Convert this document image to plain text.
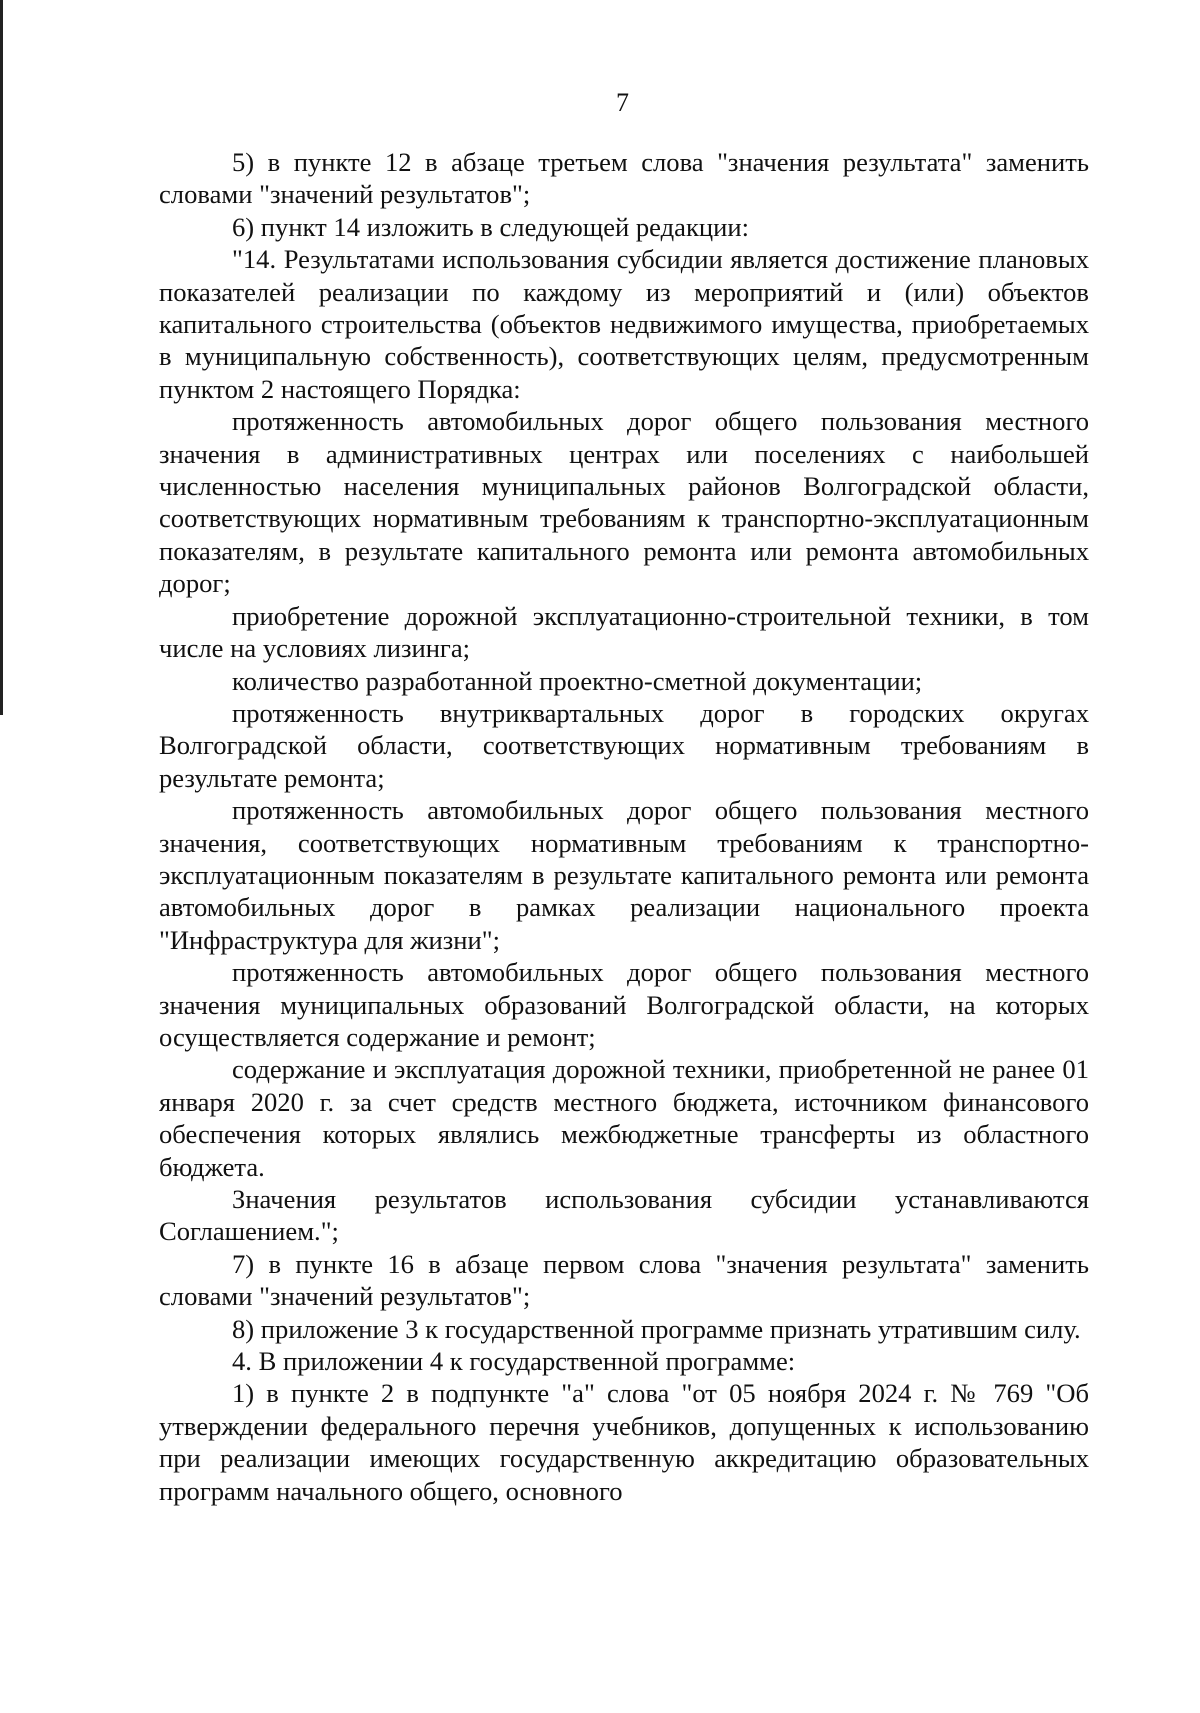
7

5) в пункте 12 в абзаце третьем слова "значения результата" заменить словами "значений результатов";

6) пункт 14 изложить в следующей редакции:

"14. Результатами использования субсидии является достижение плановых показателей реализации по каждому из мероприятий и (или) объектов капитального строительства (объектов недвижимого имущества, приобретаемых в муниципальную собственность), соответствующих целям, предусмотренным пунктом 2 настоящего Порядка:

протяженность автомобильных дорог общего пользования местного значения в административных центрах или поселениях с наибольшей численностью населения муниципальных районов Волгоградской области, соответствующих нормативным требованиям к транспортно-эксплуатационным показателям, в результате капитального ремонта или ремонта автомобильных дорог;

приобретение дорожной эксплуатационно-строительной техники, в том числе на условиях лизинга;

количество разработанной проектно-сметной документации;

протяженность внутриквартальных дорог в городских округах Волгоградской области, соответствующих нормативным требованиям в результате ремонта;

протяженность автомобильных дорог общего пользования местного значения, соответствующих нормативным требованиям к транспортно-эксплуатационным показателям в результате капитального ремонта или ремонта автомобильных дорог в рамках реализации национального проекта "Инфраструктура для жизни";

протяженность автомобильных дорог общего пользования местного значения муниципальных образований Волгоградской области, на которых осуществляется содержание и ремонт;

содержание и эксплуатация дорожной техники, приобретенной не ранее 01 января 2020 г. за счет средств местного бюджета, источником финансового обеспечения которых являлись межбюджетные трансферты из областного бюджета.

Значения результатов использования субсидии устанавливаются Соглашением.";

7) в пункте 16 в абзаце первом слова "значения результата" заменить словами "значений результатов";

8) приложение 3 к государственной программе признать утратившим силу.

4. В приложении 4 к государственной программе:

1) в пункте 2 в подпункте "а" слова "от 05 ноября 2024 г. № 769 "Об утверждении федерального перечня учебников, допущенных к использованию при реализации имеющих государственную аккредитацию образовательных программ начального общего, основного
